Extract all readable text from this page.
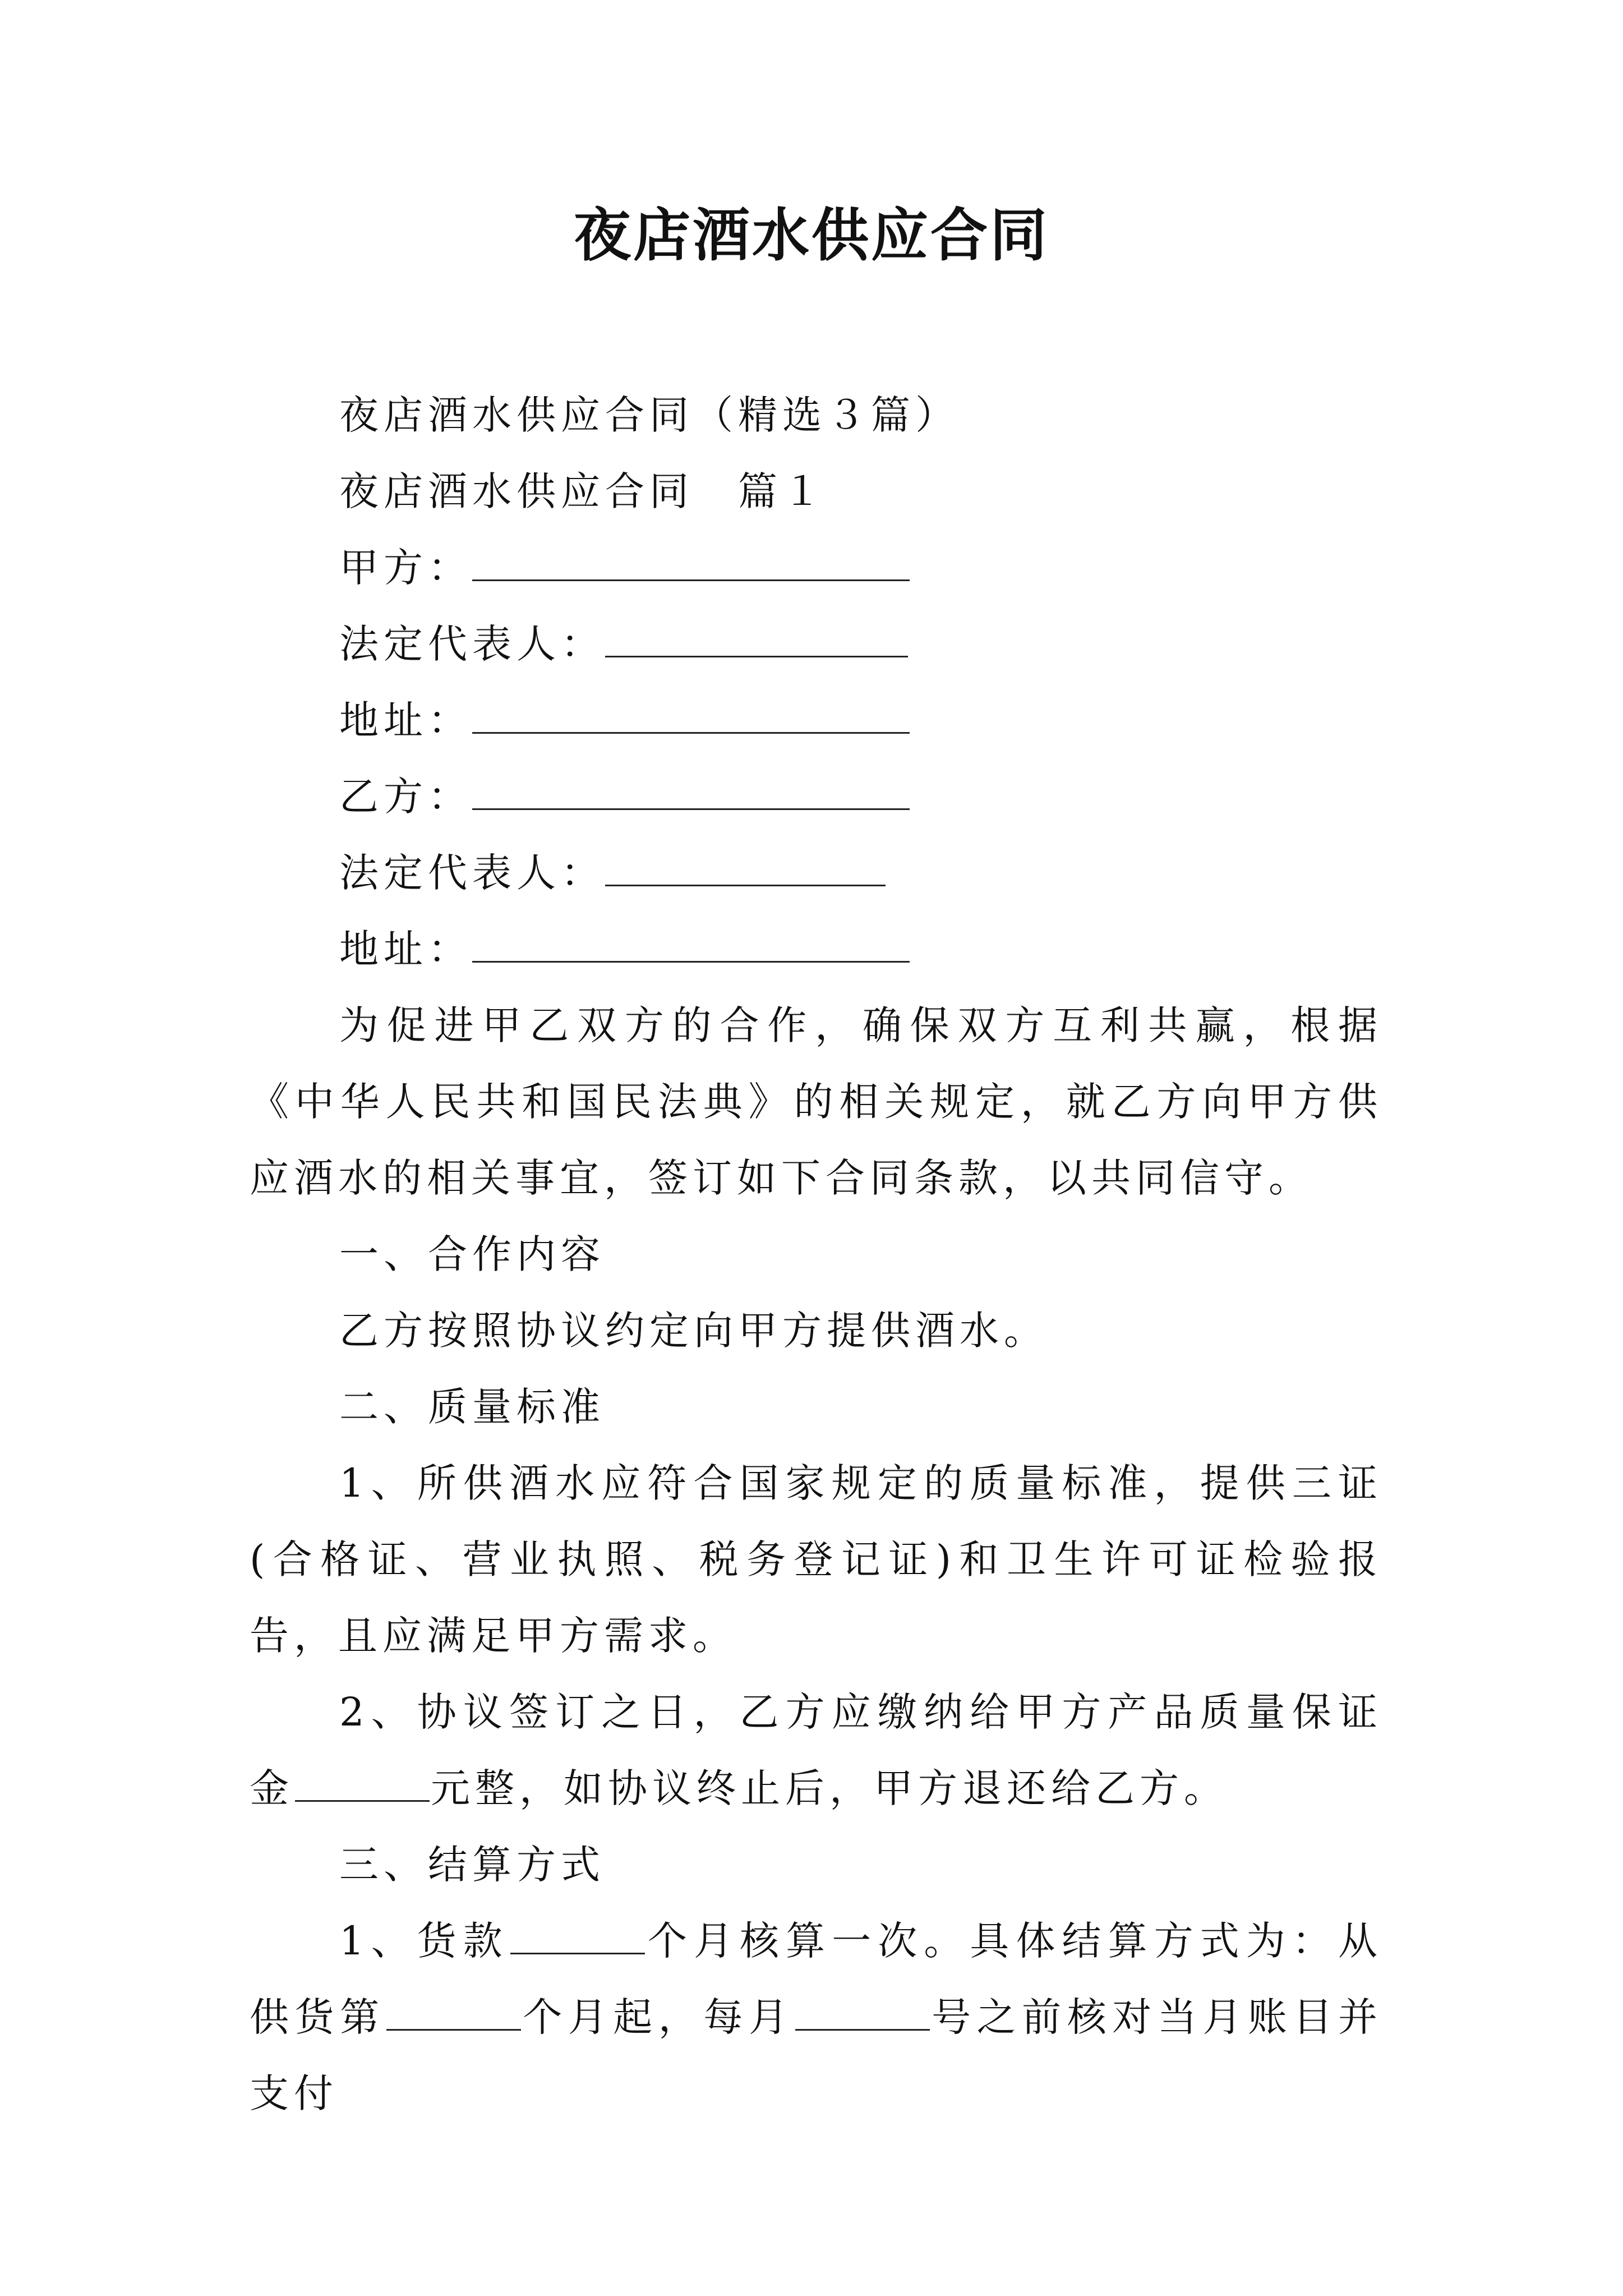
夜店酒水供应合同
夜店酒水供应合同（精选３篇）
夜店酒水供应合同　篇１
甲方：
法定代表人：
地址：
乙方：
法定代表人：
地址：

为促进甲乙双方的合作，确保双方互利共赢，根据《中华人民共和国民法典》的相关规定，就乙方向甲方供应酒水的相关事宜，签订如下合同条款，以共同信守。

一、合作内容

乙方按照协议约定向甲方提供酒水。

二、质量标准

1、所供酒水应符合国家规定的质量标准，提供三证(合格证、营业执照、税务登记证)和卫生许可证检验报告，且应满足甲方需求。

2、协议签订之日，乙方应缴纳给甲方产品质量保证金	元整，如协议终止后，甲方退还给乙方。

三、结算方式

1、货款	个月核算一次。具体结算方式为：从供货第	个月起，每月	号之前核对当月账目并支付
